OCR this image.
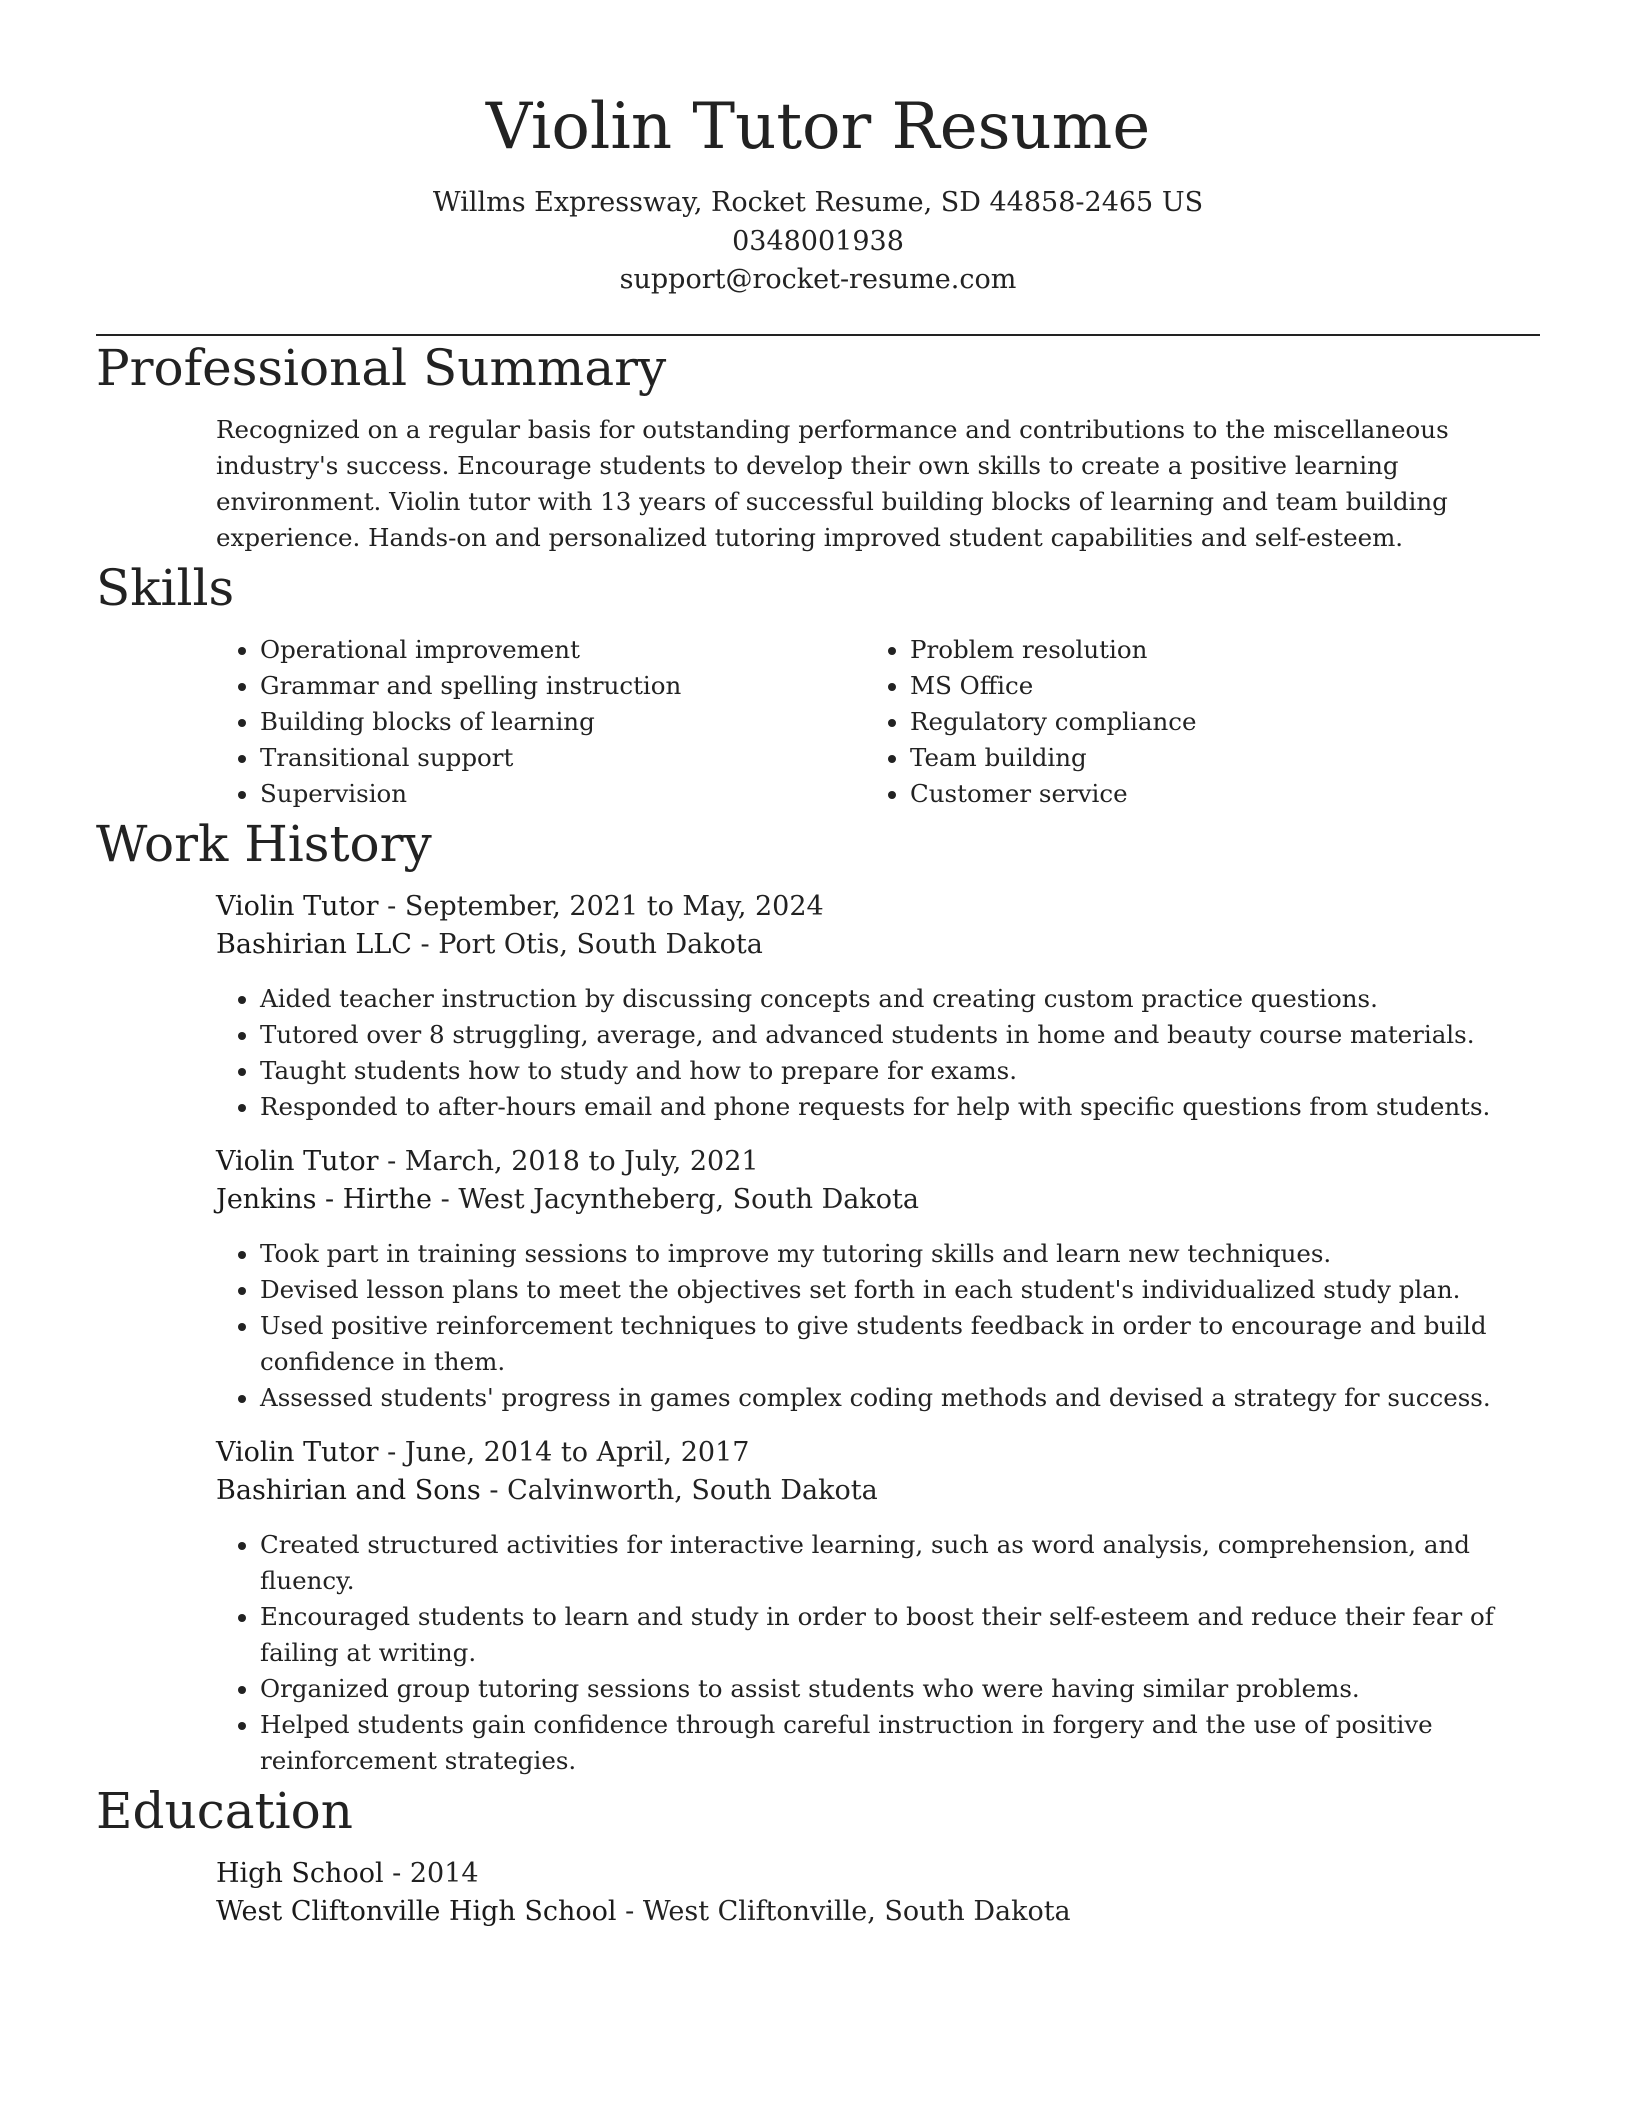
Violin Tutor Resume
Willms Expressway, Rocket Resume, SD 44858-2465 US
0348001938
support@rocket-resume.com
Professional Summary
Recognized on a regular basis for outstanding performance and contributions to the miscellaneous industry's success. Encourage students to develop their own skills to create a positive learning environment. Violin tutor with 13 years of successful building blocks of learning and team building experience. Hands-on and personalized tutoring improved student capabilities and self-esteem.
Skills
• Operational improvement
• Grammar and spelling instruction
• Building blocks of learning
• Transitional support
• Supervision
• Problem resolution
• MS Office
• Regulatory compliance
• Team building
• Customer service
Work History
Violin Tutor - September, 2021 to May, 2024
Bashirian LLC - Port Otis, South Dakota
• Aided teacher instruction by discussing concepts and creating custom practice questions.
• Tutored over 8 struggling, average, and advanced students in home and beauty course materials.
• Taught students how to study and how to prepare for exams.
• Responded to after-hours email and phone requests for help with specific questions from students.
Violin Tutor - March, 2018 to July, 2021
Jenkins - Hirthe - West Jacyntheberg, South Dakota
• Took part in training sessions to improve my tutoring skills and learn new techniques.
• Devised lesson plans to meet the objectives set forth in each student's individualized study plan.
• Used positive reinforcement techniques to give students feedback in order to encourage and build confidence in them.
• Assessed students' progress in games complex coding methods and devised a strategy for success.
Violin Tutor - June, 2014 to April, 2017
Bashirian and Sons - Calvinworth, South Dakota
• Created structured activities for interactive learning, such as word analysis, comprehension, and fluency.
• Encouraged students to learn and study in order to boost their self-esteem and reduce their fear of failing at writing.
• Organized group tutoring sessions to assist students who were having similar problems.
• Helped students gain confidence through careful instruction in forgery and the use of positive reinforcement strategies.
Education
High School - 2014
West Cliftonville High School - West Cliftonville, South Dakota
